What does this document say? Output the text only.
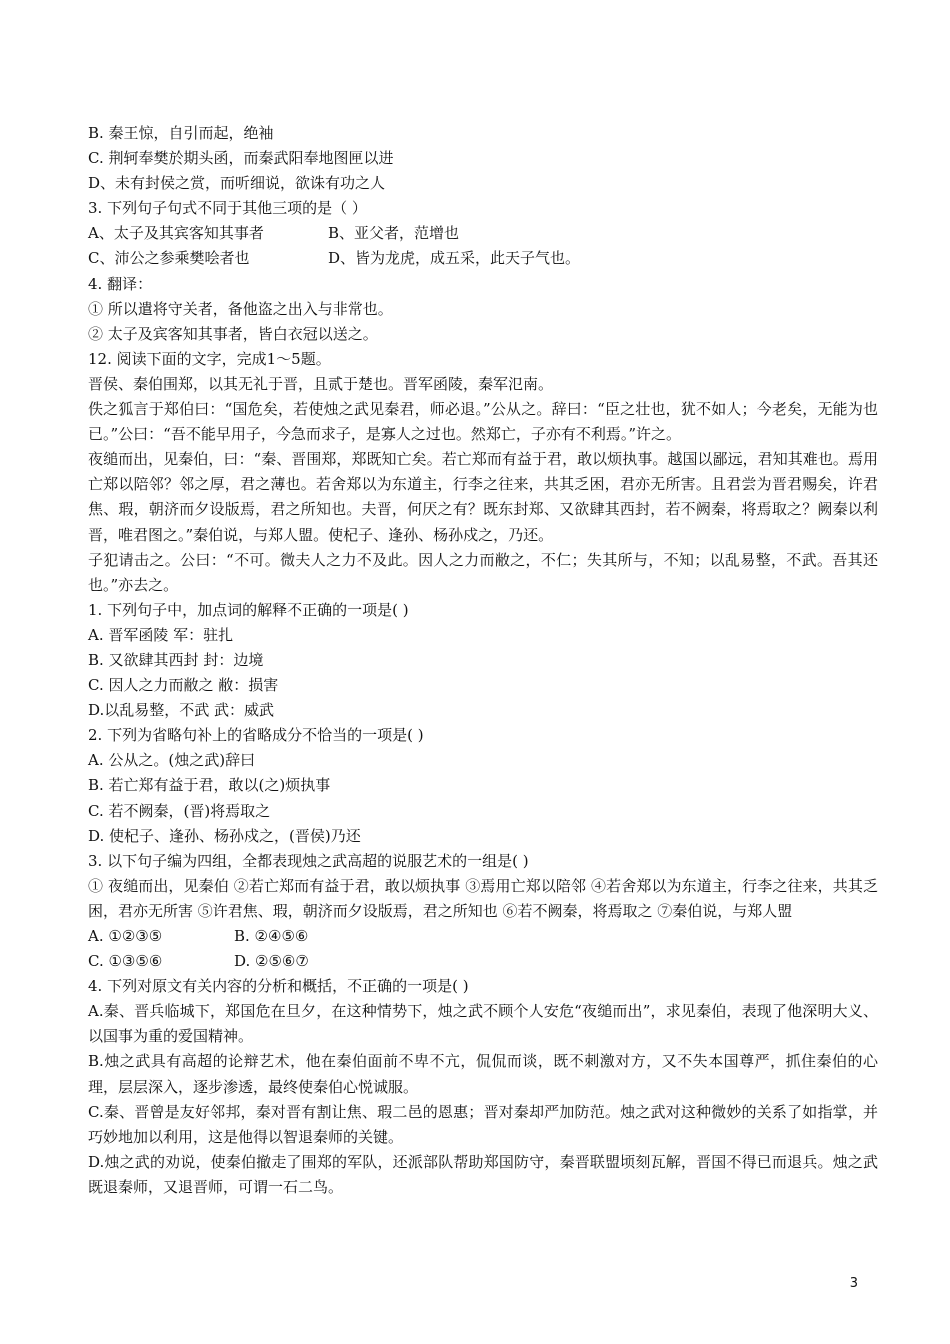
B. 秦王惊，自引而起，绝袖
C. 荆轲奉樊於期头函，而秦武阳奉地图匣以进
D、未有封侯之赏，而听细说，欲诛有功之人
3. 下列句子句式不同于其他三项的是（ ）
A、太子及其宾客知其事者	B、亚父者，范增也
C、沛公之参乘樊哙者也	D、皆为龙虎，成五采，此天子气也。
4. 翻译：
① 所以遣将守关者，备他盗之出入与非常也。
② 太子及宾客知其事者，皆白衣冠以送之。
12. 阅读下面的文字，完成1～5题。
晋侯、秦伯围郑，以其无礼于晋，且贰于楚也。晋军函陵，秦军氾南。
佚之狐言于郑伯曰：“国危矣，若使烛之武见秦君，师必退。”公从之。辞曰：“臣之壮也，犹不如人；今老矣，无能为也已。”公曰：“吾不能早用子，今急而求子，是寡人之过也。然郑亡，子亦有不利焉。”许之。
夜缒而出，见秦伯，曰：“秦、晋围郑，郑既知亡矣。若亡郑而有益于君，敢以烦执事。越国以鄙远，君知其难也。焉用亡郑以陪邻？邻之厚，君之薄也。若舍郑以为东道主，行李之往来，共其乏困，君亦无所害。且君尝为晋君赐矣，许君焦、瑕，朝济而夕设版焉，君之所知也。夫晋，何厌之有？既东封郑、又欲肆其西封，若不阙秦，将焉取之？阙秦以利晋，唯君图之。”秦伯说，与郑人盟。使杞子、逢孙、杨孙戍之，乃还。
子犯请击之。公曰：“不可。微夫人之力不及此。因人之力而敝之，不仁；失其所与，不知；以乱易整，不武。吾其还也。”亦去之。
1. 下列句子中，加点词的解释不正确的一项是( )
A. 晋军函陵 军：驻扎
B. 又欲肆其西封 封：边境
C. 因人之力而敝之 敝：损害
D.以乱易整，不武 武：威武
2. 下列为省略句补上的省略成分不恰当的一项是( )
A. 公从之。(烛之武)辞曰
B. 若亡郑有益于君，敢以(之)烦执事
C. 若不阙秦，(晋)将焉取之
D. 使杞子、逢孙、杨孙戍之，(晋侯)乃还
3. 以下句子编为四组，全都表现烛之武高超的说服艺术的一组是( )
① 夜缒而出，见秦伯 ②若亡郑而有益于君，敢以烦执事 ③焉用亡郑以陪邻 ④若舍郑以为东道主，行李之往来，共其乏困，君亦无所害 ⑤许君焦、瑕，朝济而夕设版焉，君之所知也 ⑥若不阙秦，将焉取之 ⑦秦伯说，与郑人盟
A. ①②③⑤	B. ②④⑤⑥
C. ①③⑤⑥	D. ②⑤⑥⑦
4. 下列对原文有关内容的分析和概括，不正确的一项是( )
A.秦、晋兵临城下，郑国危在旦夕，在这种情势下，烛之武不顾个人安危“夜缒而出”，求见秦伯，表现了他深明大义、以国事为重的爱国精神。
B.烛之武具有高超的论辩艺术，他在秦伯面前不卑不亢，侃侃而谈，既不刺激对方，又不失本国尊严，抓住秦伯的心理，层层深入，逐步渗透，最终使秦伯心悦诚服。
C.秦、晋曾是友好邻邦，秦对晋有割让焦、瑕二邑的恩惠；晋对秦却严加防范。烛之武对这种微妙的关系了如指掌，并巧妙地加以利用，这是他得以智退秦师的关键。
D.烛之武的劝说，使秦伯撤走了围郑的军队，还派部队帮助郑国防守，秦晋联盟顷刻瓦解，晋国不得已而退兵。烛之武既退秦师，又退晋师，可谓一石二鸟。
3
